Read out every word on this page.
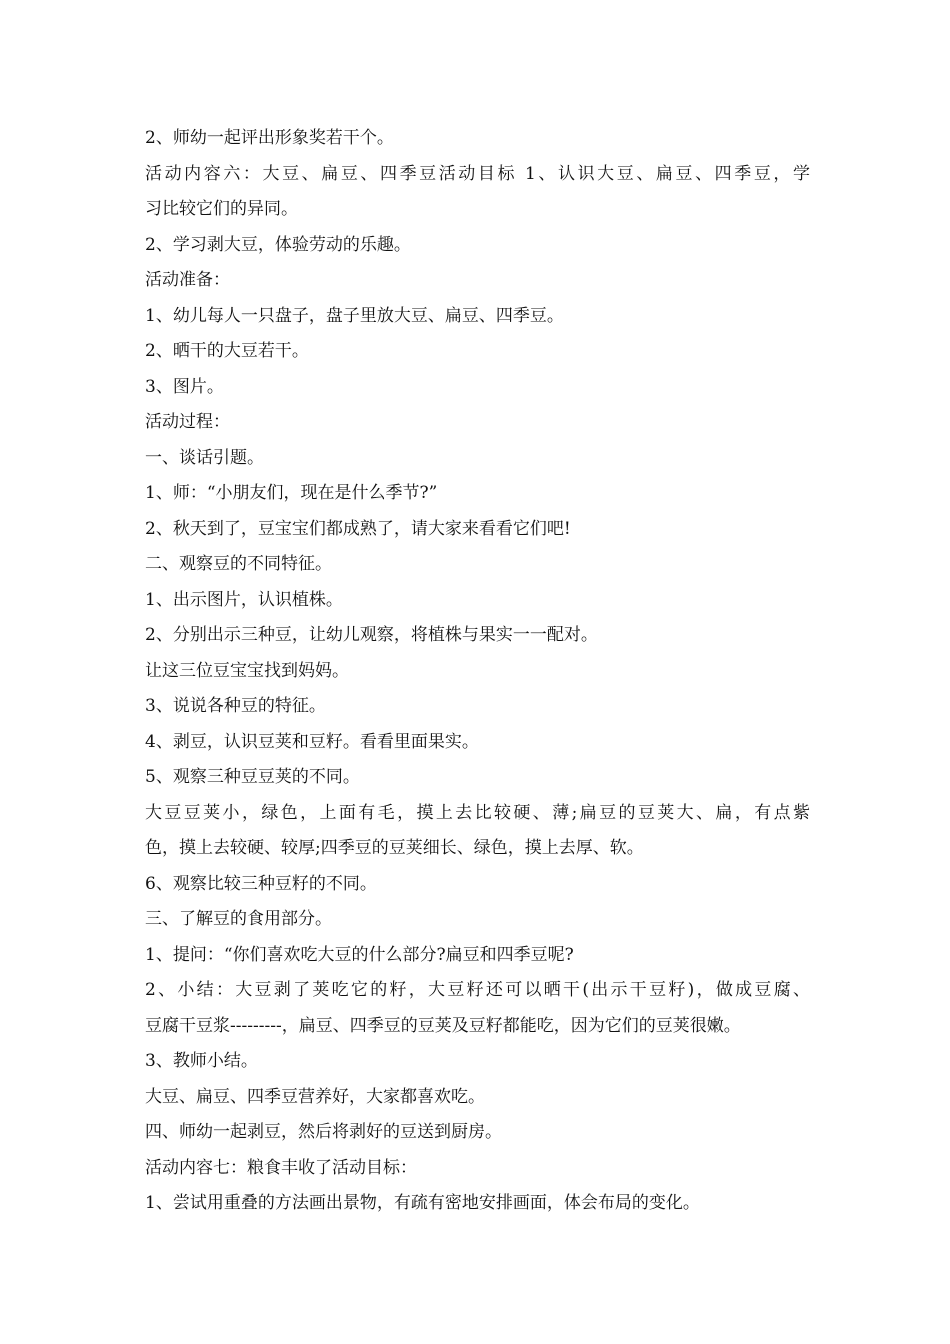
2、师幼一起评出形象奖若干个。
活动内容六：大豆、扁豆、四季豆活动目标 1、认识大豆、扁豆、四季豆，学
习比较它们的异同。
2、学习剥大豆，体验劳动的乐趣。
活动准备：
1、幼儿每人一只盘子，盘子里放大豆、扁豆、四季豆。
2、晒干的大豆若干。
3、图片。
活动过程：
一、谈话引题。
1、师：“小朋友们，现在是什么季节?”
2、秋天到了，豆宝宝们都成熟了，请大家来看看它们吧!
二、观察豆的不同特征。
1、出示图片，认识植株。
2、分别出示三种豆，让幼儿观察，将植株与果实一一配对。
让这三位豆宝宝找到妈妈。
3、说说各种豆的特征。
4、剥豆，认识豆荚和豆籽。看看里面果实。
5、观察三种豆豆荚的不同。
大豆豆荚小，绿色，上面有毛，摸上去比较硬、薄;扁豆的豆荚大、扁，有点紫
色，摸上去较硬、较厚;四季豆的豆荚细长、绿色，摸上去厚、软。
6、观察比较三种豆籽的不同。
三、了解豆的食用部分。
1、提问：“你们喜欢吃大豆的什么部分?扁豆和四季豆呢?
2、小结：大豆剥了荚吃它的籽，大豆籽还可以晒干(出示干豆籽)，做成豆腐、
豆腐干豆浆---------，扁豆、四季豆的豆荚及豆籽都能吃，因为它们的豆荚很嫩。
3、教师小结。
大豆、扁豆、四季豆营养好，大家都喜欢吃。
四、师幼一起剥豆，然后将剥好的豆送到厨房。
活动内容七：粮食丰收了活动目标：
1、尝试用重叠的方法画出景物，有疏有密地安排画面，体会布局的变化。
